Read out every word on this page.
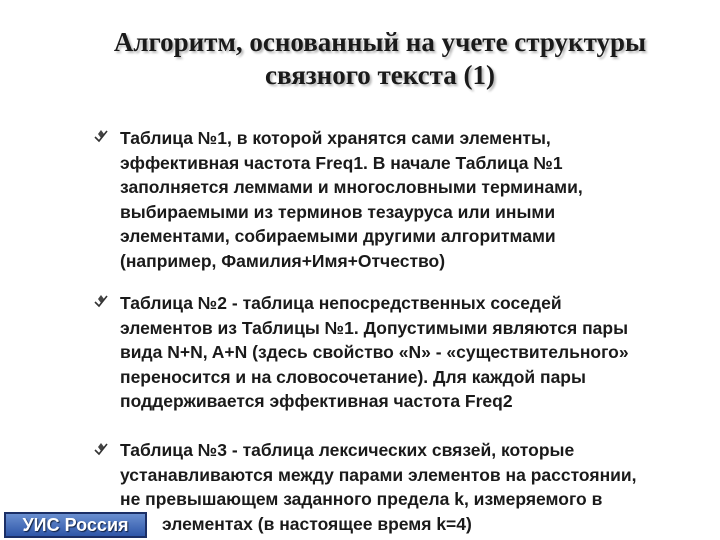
Алгоритм, основанный на учете структуры
связного текста (1)
Таблица №1, в которой хранятся сами элементы,
эффективная частота Freq1. В начале Таблица №1
заполняется леммами и многословными терминами,
выбираемыми из терминов тезауруса или иными
элементами, собираемыми другими алгоритмами
(например, Фамилия+Имя+Отчество)
Таблица №2 - таблица непосредственных соседей
элементов из Таблицы №1. Допустимыми являются пары
вида N+N, A+N (здесь свойство «N» - «существительного»
переносится и на словосочетание). Для каждой пары
поддерживается эффективная частота Freq2
Таблица №3 - таблица лексических связей, которые
устанавливаются между парами элементов на расстоянии,
не превышающем заданного предела k, измеряемого в
элементах (в настоящее время k=4)
УИС Россия
